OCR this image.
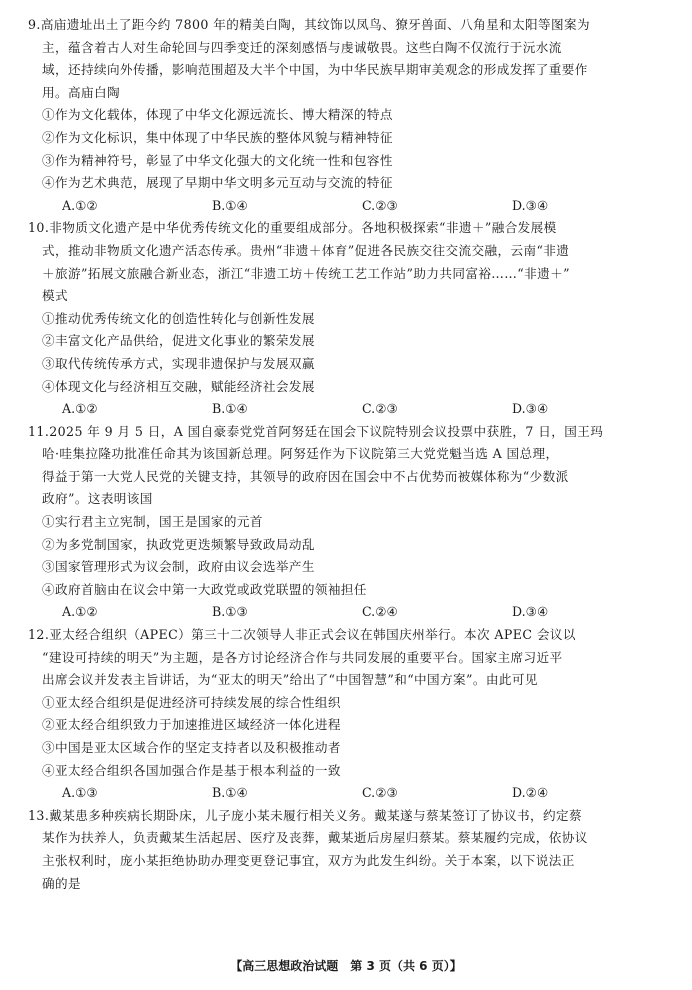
9.高庙遗址出土了距今约 7800 年的精美白陶，其纹饰以凤鸟、獠牙兽面、八角星和太阳等图案为
主，蕴含着古人对生命轮回与四季变迁的深刻感悟与虔诚敬畏。这些白陶不仅流行于沅水流
域，还持续向外传播，影响范围超及大半个中国，为中华民族早期审美观念的形成发挥了重要作
用。高庙白陶
①作为文化载体，体现了中华文化源远流长、博大精深的特点
②作为文化标识，集中体现了中华民族的整体风貌与精神特征
③作为精神符号，彰显了中华文化强大的文化统一性和包容性
④作为艺术典范，展现了早期中华文明多元互动与交流的特征
A.①②	B.①④	C.②③	D.③④
10.非物质文化遗产是中华优秀传统文化的重要组成部分。各地积极探索“非遗＋”融合发展模
式，推动非物质文化遗产活态传承。贵州“非遗＋体育”促进各民族交往交流交融，云南“非遗
＋旅游”拓展文旅融合新业态，浙江“非遗工坊＋传统工艺工作站”助力共同富裕……“非遗＋”
模式
①推动优秀传统文化的创造性转化与创新性发展
②丰富文化产品供给，促进文化事业的繁荣发展
③取代传统传承方式，实现非遗保护与发展双赢
④体现文化与经济相互交融，赋能经济社会发展
A.①②	B.①④	C.②③	D.③④
11.2025 年 9 月 5 日，A 国自豪泰党党首阿努廷在国会下议院特别会议投票中获胜，7 日，国王玛
哈·哇集拉隆功批准任命其为该国新总理。阿努廷作为下议院第三大党党魁当选 A 国总理，
得益于第一大党人民党的关键支持，其领导的政府因在国会中不占优势而被媒体称为“少数派
政府”。这表明该国
①实行君主立宪制，国王是国家的元首
②为多党制国家，执政党更迭频繁导致政局动乱
③国家管理形式为议会制，政府由议会选举产生
④政府首脑由在议会中第一大政党或政党联盟的领袖担任
A.①②	B.①③	C.②④	D.③④
12.亚太经合组织（APEC）第三十二次领导人非正式会议在韩国庆州举行。本次 APEC 会议以
“建设可持续的明天”为主题，是各方讨论经济合作与共同发展的重要平台。国家主席习近平
出席会议并发表主旨讲话，为“亚太的明天”给出了“中国智慧”和“中国方案”。由此可见
①亚太经合组织是促进经济可持续发展的综合性组织
②亚太经合组织致力于加速推进区域经济一体化进程
③中国是亚太区域合作的坚定支持者以及积极推动者
④亚太经合组织各国加强合作是基于根本利益的一致
A.①③	B.①④	C.②③	D.②④
13.戴某患多种疾病长期卧床，儿子庞小某未履行相关义务。戴某遂与蔡某签订了协议书，约定蔡
某作为扶养人，负责戴某生活起居、医疗及丧葬，戴某逝后房屋归蔡某。蔡某履约完成，依协议
主张权利时，庞小某拒绝协助办理变更登记事宜，双方为此发生纠纷。关于本案，以下说法正
确的是
【高三思想政治试题　第 3 页（共 6 页）】
